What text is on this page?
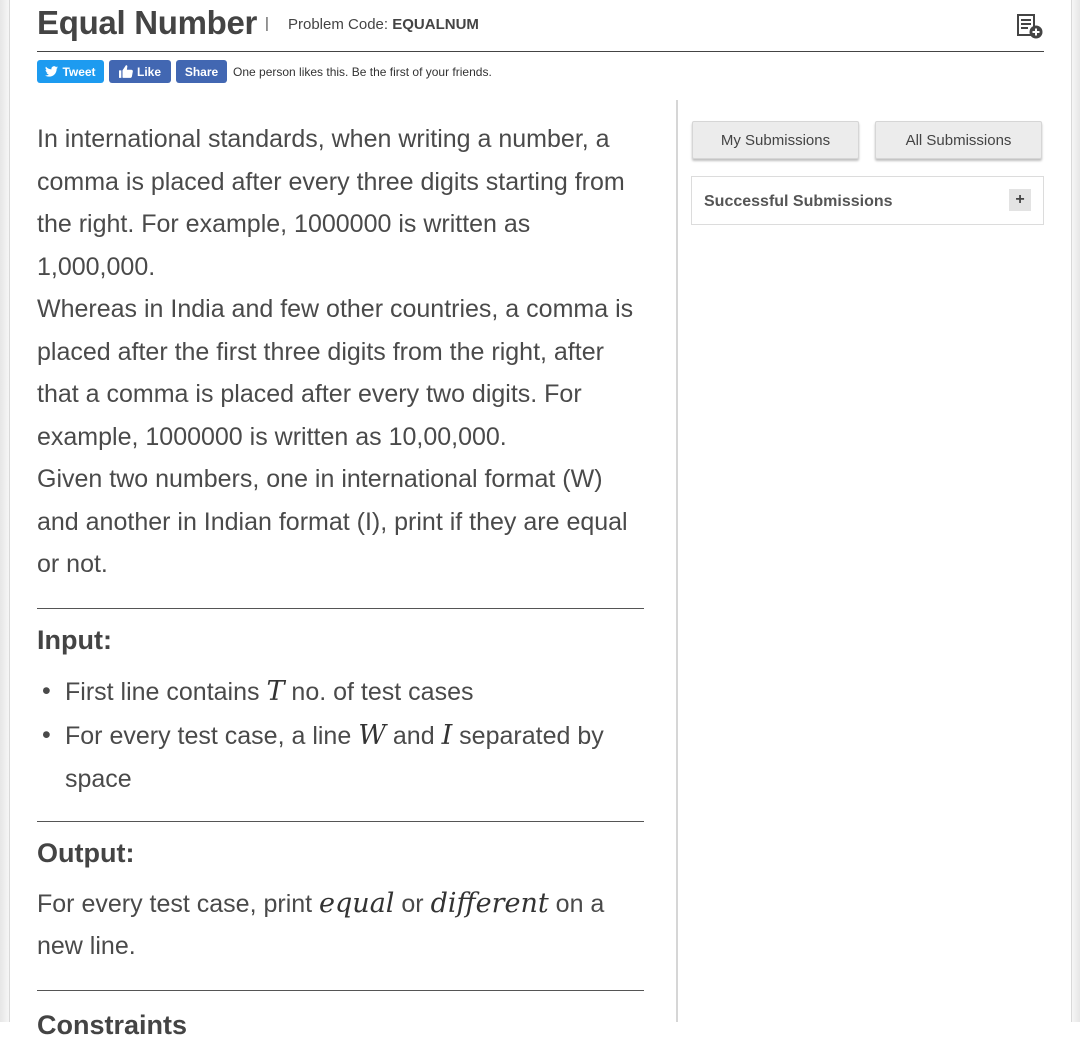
Equal Number | Problem Code: EQUALNUM
Tweet	Like Share One person likes this. Be the first of your friends.

In international standards, when writing a number, a comma is placed after every three digits starting from the right. For example, 1000000 is written as 1,000,000.

Whereas in India and few other countries, a comma is placed after the first three digits from the right, after that a comma is placed after every two digits. For example, 1000000 is written as 10,00,000.

Given two numbers, one in international format (W) and another in Indian format (I), print if they are equal or not.

Input:
• First line contains T no. of test cases
• For every test case, a line W and I separated by space
Output:

For every test case, print equal or different on a new line.

Constraints
My Submissions	All Submissions
Successful Submissions	+
